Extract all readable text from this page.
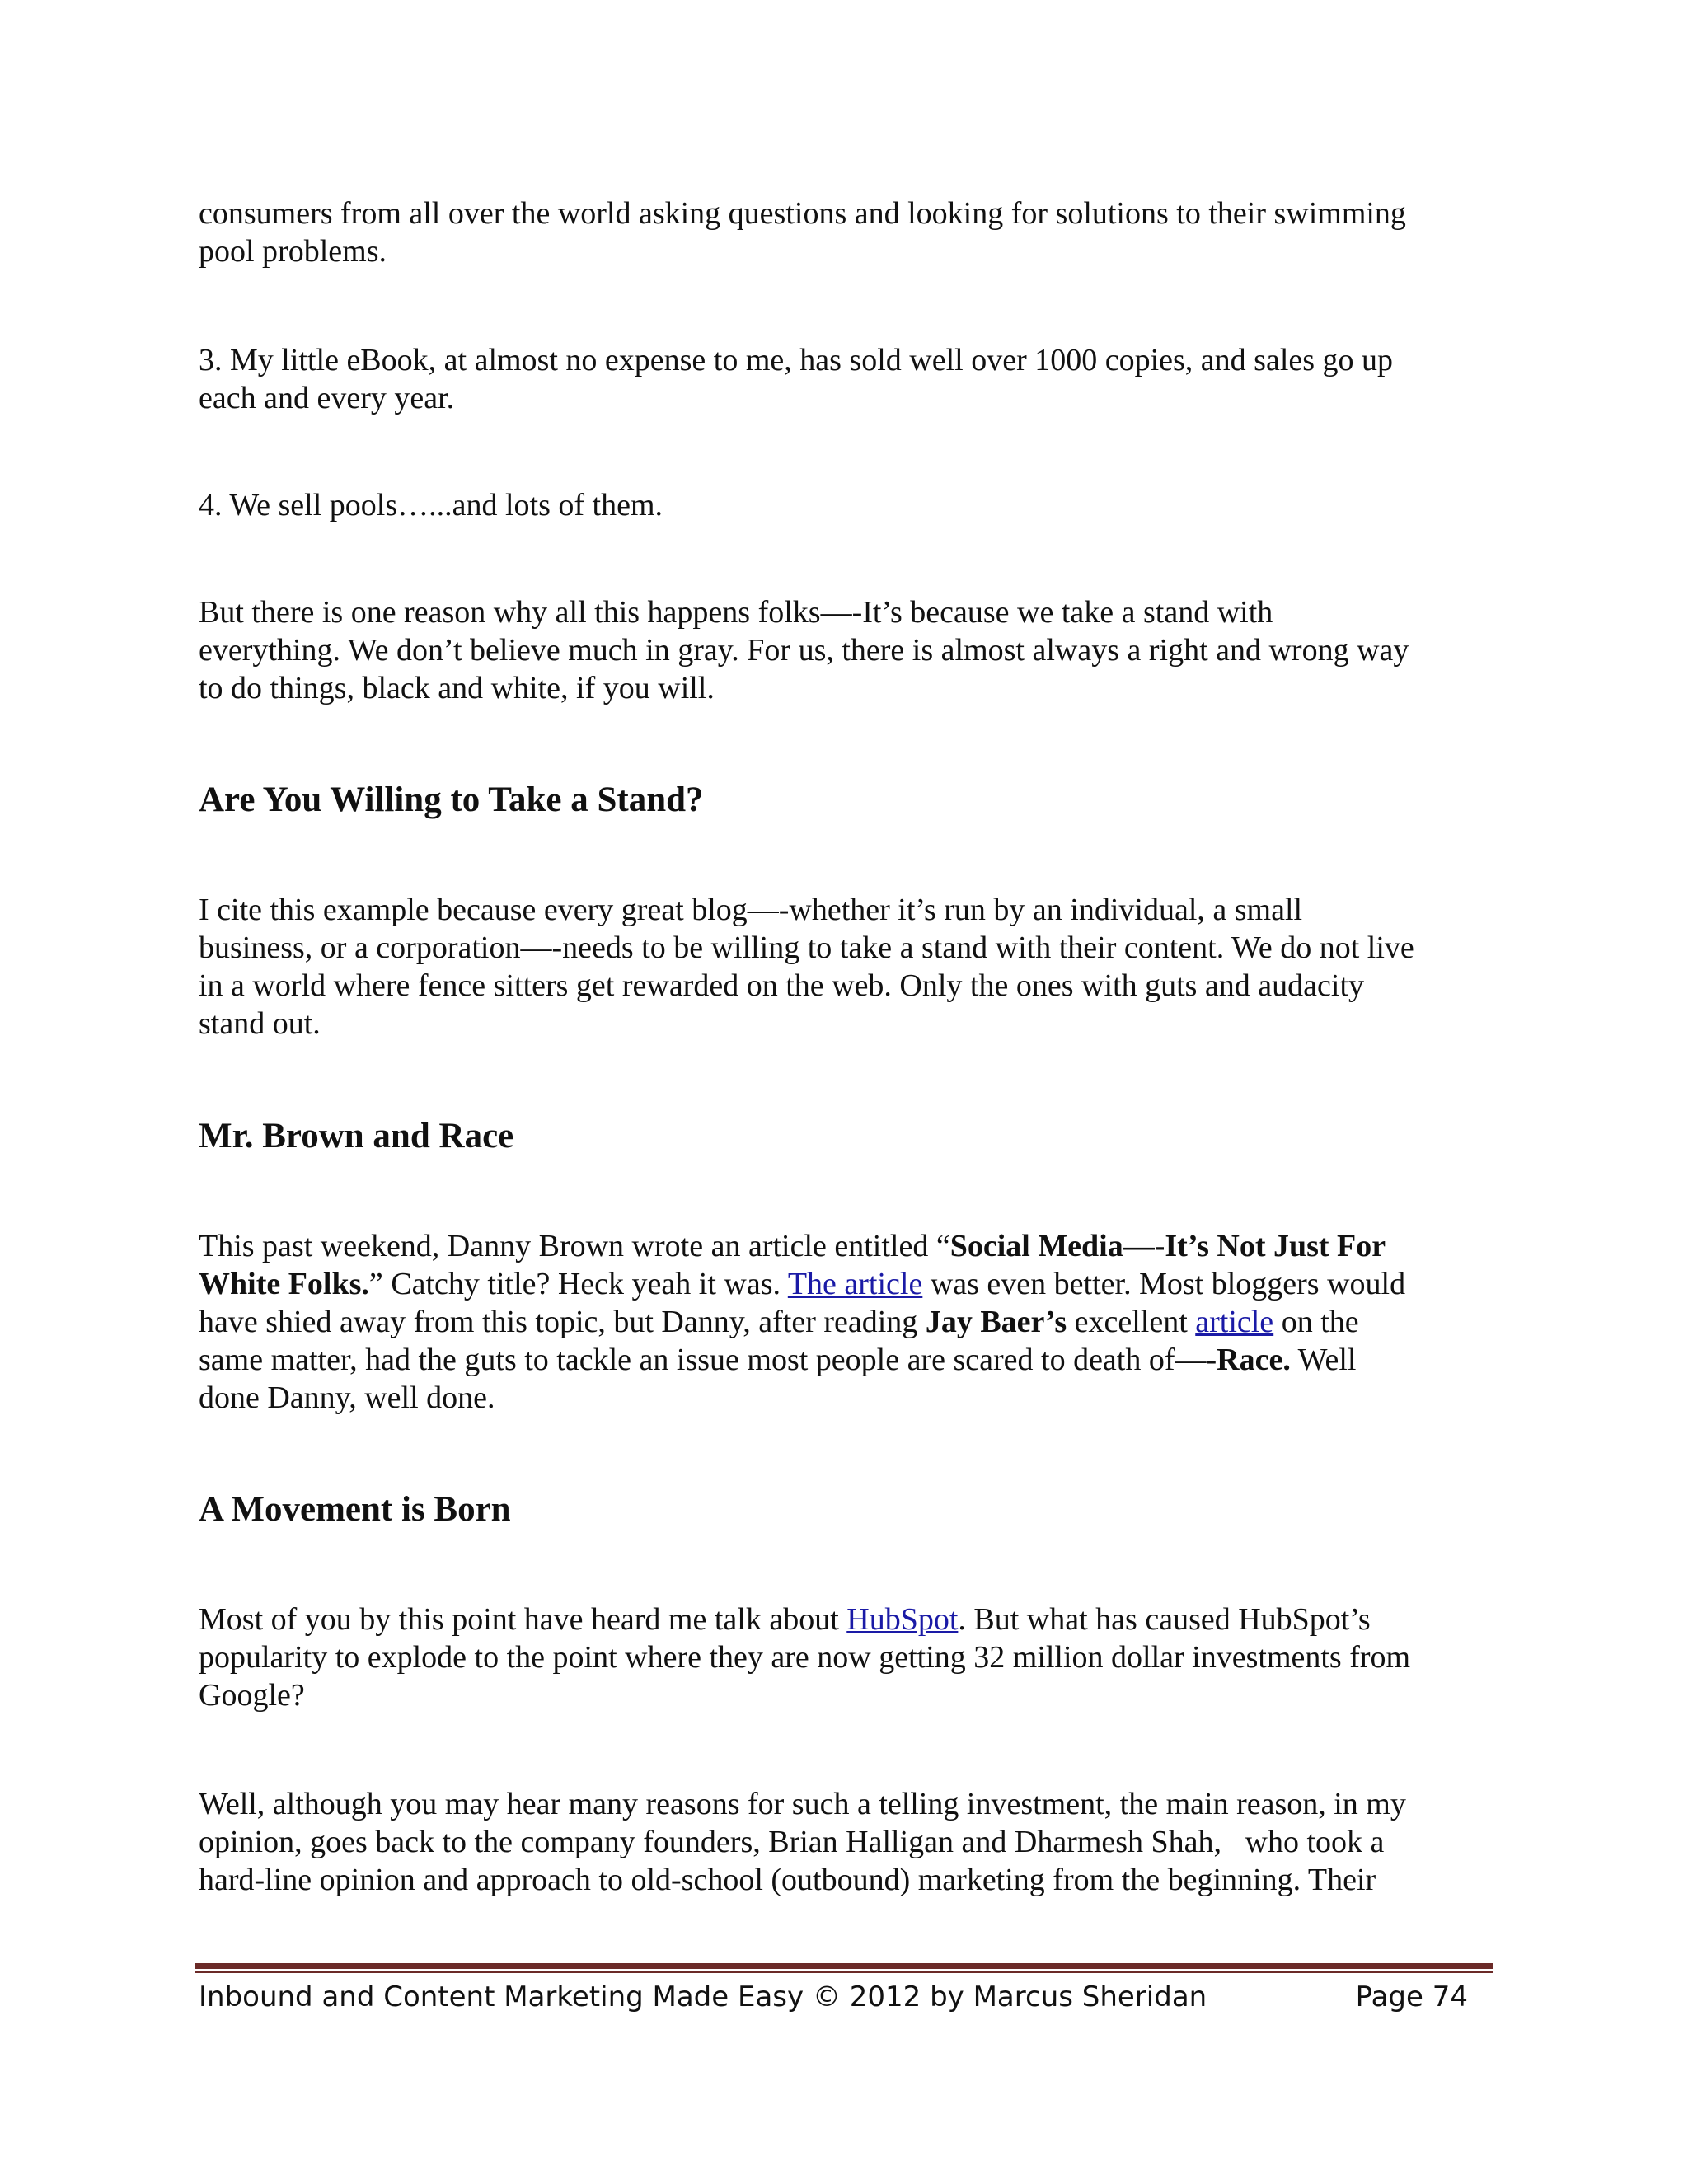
consumers from all over the world asking questions and looking for solutions to their swimming
pool problems.
3. My little eBook, at almost no expense to me, has sold well over 1000 copies, and sales go up
each and every year.
4. We sell pools…...and lots of them.
But there is one reason why all this happens folks—-It’s because we take a stand with
everything. We don’t believe much in gray. For us, there is almost always a right and wrong way
to do things, black and white, if you will.
Are You Willing to Take a Stand?
I cite this example because every great blog—-whether it’s run by an individual, a small
business, or a corporation—-needs to be willing to take a stand with their content. We do not live
in a world where fence sitters get rewarded on the web. Only the ones with guts and audacity
stand out.
Mr. Brown and Race
This past weekend, Danny Brown wrote an article entitled “Social Media—-It’s Not Just For
White Folks.” Catchy title? Heck yeah it was. The article was even better. Most bloggers would
have shied away from this topic, but Danny, after reading Jay Baer’s excellent article on the
same matter, had the guts to tackle an issue most people are scared to death of—-Race. Well
done Danny, well done.
A Movement is Born
Most of you by this point have heard me talk about HubSpot. But what has caused HubSpot’s
popularity to explode to the point where they are now getting 32 million dollar investments from
Google?
Well, although you may hear many reasons for such a telling investment, the main reason, in my
opinion, goes back to the company founders, Brian Halligan and Dharmesh Shah,   who took a
hard-line opinion and approach to old-school (outbound) marketing from the beginning. Their
Inbound and Content Marketing Made Easy © 2012 by Marcus Sheridan	Page 74
